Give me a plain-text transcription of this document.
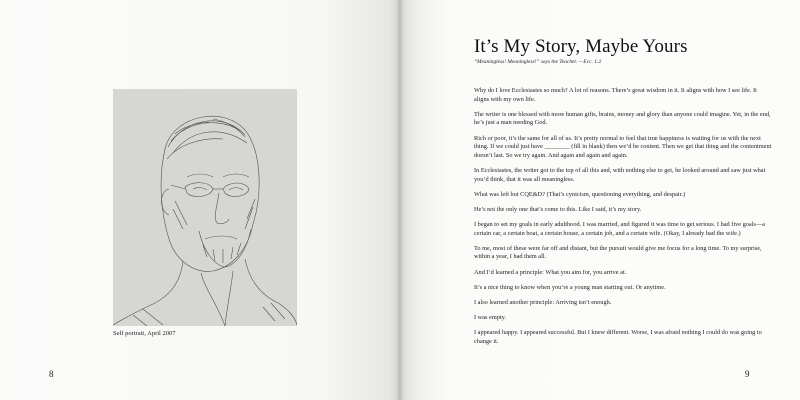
Self portrait, April 2007
8
It’s My Story, Maybe Yours
“Meaningless! Meaningless!” says the Teacher. —Ecc. 1:2

Why do I love Ecclesiastes so much? A lot of reasons. There’s great wisdom in it. It aligns with how I see life. It aligns with my own life.

The writer is one blessed with more human gifts, brains, money and glory than anyone could imagine. Yet, in the end, he’s just a man needing God.

Rich or poor, it’s the same for all of us. It’s pretty normal to feel that true happiness is waiting for us with the next thing. If we could just have ________ (fill in blank) then we’d be content. Then we get that thing and the contentment doesn’t last. So we try again. And again and again and again.

In Ecclesiastes, the writer got to the top of all this and, with nothing else to get, he looked around and saw just what you’d think, that it was all meaningless.

What was left but CQE&D? (That’s cynicism, questioning everything, and despair.)

He’s not the only one that’s come to this. Like I said, it’s my story.

I began to set my goals in early adulthood. I was married, and figured it was time to get serious. I had five goals—a certain car, a certain boat, a certain house, a certain job, and a certain wife. (Okay, I already had the wife.)

To me, most of these were far off and distant, but the pursuit would give me focus for a long time. To my surprise, within a year, I had them all.

And I’d learned a principle: What you aim for, you arrive at.

It’s a nice thing to know when you’re a young man starting out. Or anytime.

I also learned another principle: Arriving isn’t enough.

I was empty.

I appeared happy. I appeared successful. But I knew different. Worse, I was afraid nothing I could do was going to change it.

9
